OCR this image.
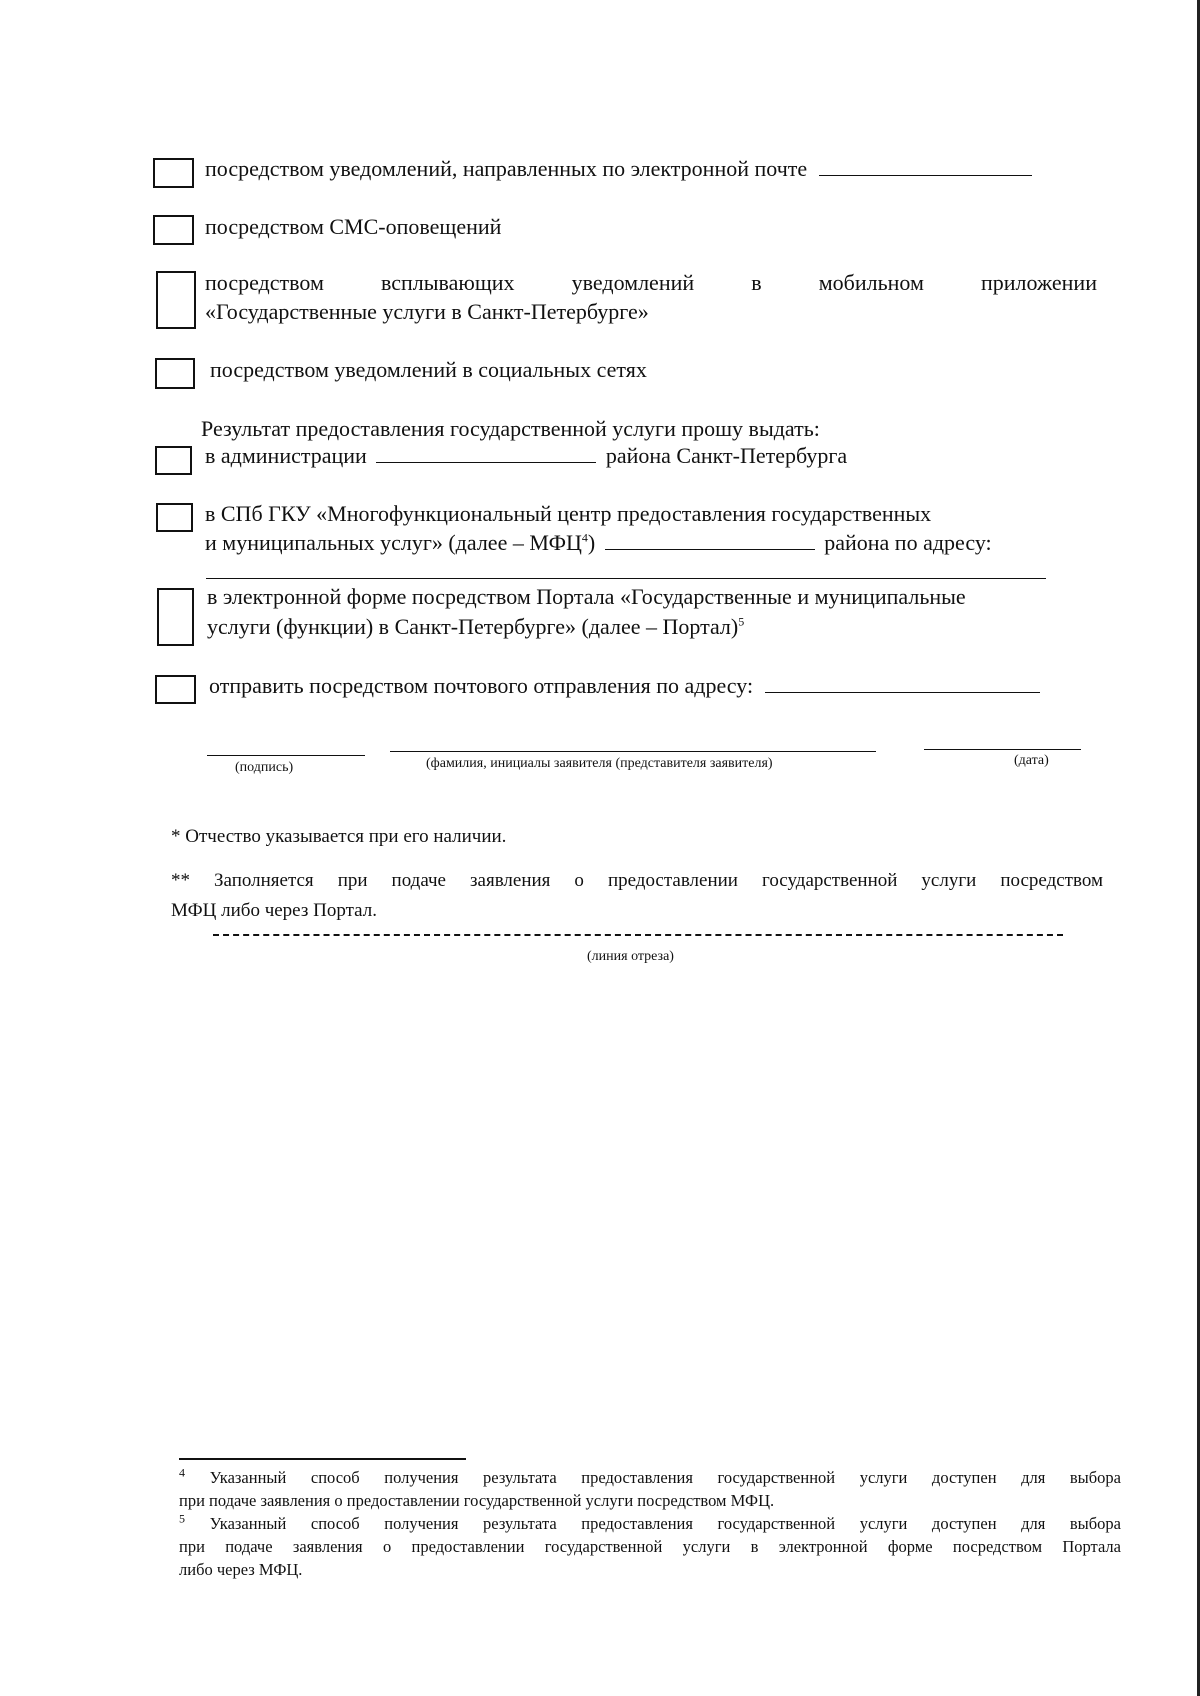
посредством уведомлений, направленных по электронной почте
посредством СМС-оповещений
посредством	всплывающих	уведомлений	в	мобильном	приложении
«Государственные услуги в Санкт-Петербурге»
посредством уведомлений в социальных сетях
Результат предоставления государственной услуги прошу выдать:
в администрации	района Санкт-Петербурга
в СПб ГКУ «Многофункциональный центр предоставления государственных
и муниципальных услуг» (далее – МФЦ$^4$)	района по адресу:
в электронной форме посредством Портала «Государственные и муниципальные
услуги (функции) в Санкт-Петербурге» (далее – Портал)$^5$
отправить посредством почтового отправления по адресу:
(подпись)	(фамилия, инициалы заявителя (представителя заявителя)	(дата)
* Отчество указывается при его наличии.
** Заполняется при подаче заявления о предоставлении государственной услуги посредством
МФЦ либо через Портал.
(линия отреза)
$^4$ Указанный способ получения результата предоставления государственной услуги доступен для выбора
при подаче заявления о предоставлении государственной услуги посредством МФЦ.
$^5$ Указанный способ получения результата предоставления государственной услуги доступен для выбора
при подаче заявления о предоставлении государственной услуги в электронной форме посредством Портала
либо через МФЦ.
